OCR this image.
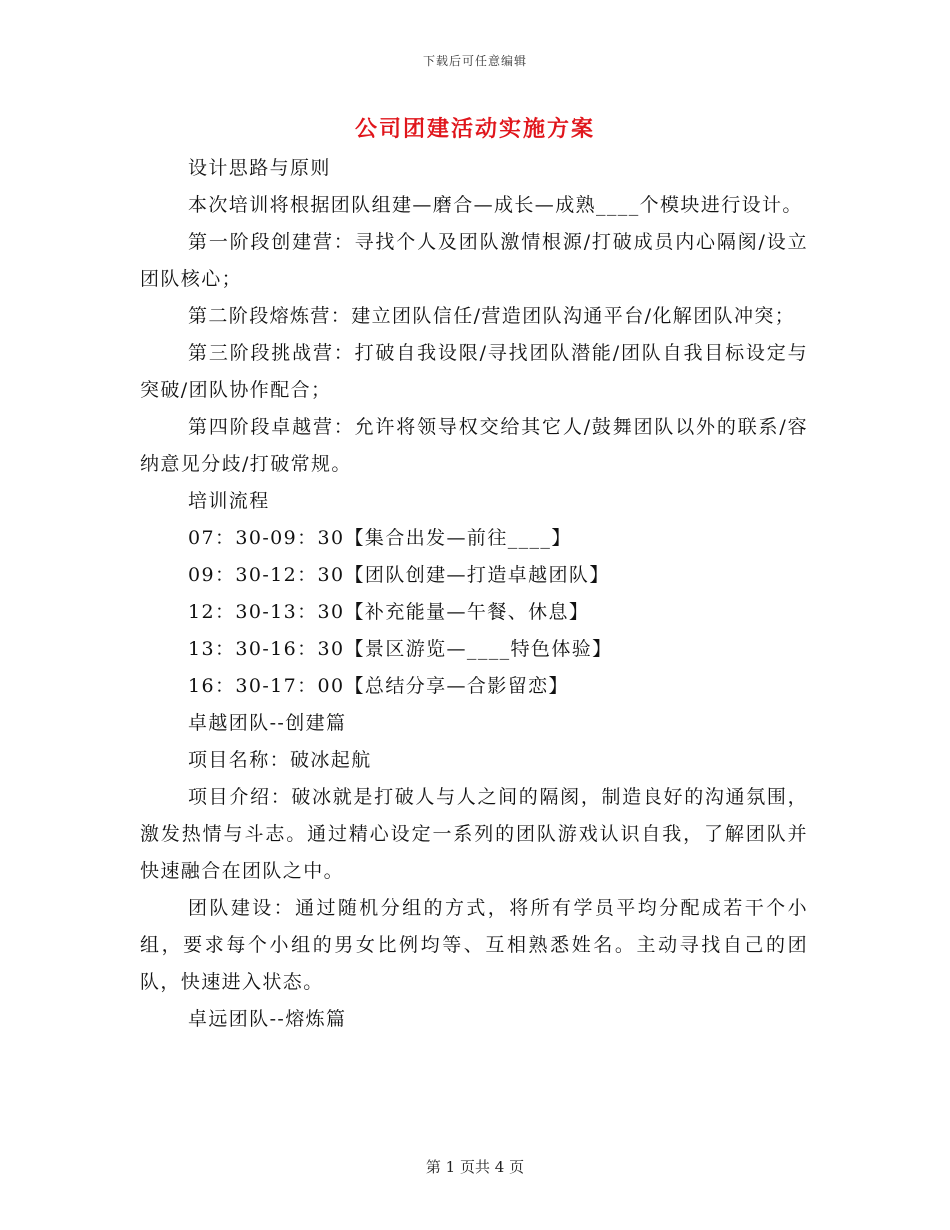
下载后可任意编辑
公司团建活动实施方案

设计思路与原则

本次培训将根据团队组建—磨合—成长—成熟____个模块进行设计。

第一阶段创建营：寻找个人及团队激情根源/打破成员内心隔阂/设立团队核心；

第二阶段熔炼营：建立团队信任/营造团队沟通平台/化解团队冲突；

第三阶段挑战营：打破自我设限/寻找团队潜能/团队自我目标设定与突破/团队协作配合；

第四阶段卓越营：允许将领导权交给其它人/鼓舞团队以外的联系/容纳意见分歧/打破常规。

培训流程

07：30-09：30【集合出发—前往____】

09：30-12：30【团队创建—打造卓越团队】

12：30-13：30【补充能量—午餐、休息】

13：30-16：30【景区游览—____特色体验】

16：30-17：00【总结分享—合影留恋】

卓越团队--创建篇

项目名称：破冰起航

项目介绍：破冰就是打破人与人之间的隔阂，制造良好的沟通氛围，激发热情与斗志。通过精心设定一系列的团队游戏认识自我，了解团队并快速融合在团队之中。

团队建设：通过随机分组的方式，将所有学员平均分配成若干个小组，要求每个小组的男女比例均等、互相熟悉姓名。主动寻找自己的团队，快速进入状态。

卓远团队--熔炼篇

第 1 页共 4 页
